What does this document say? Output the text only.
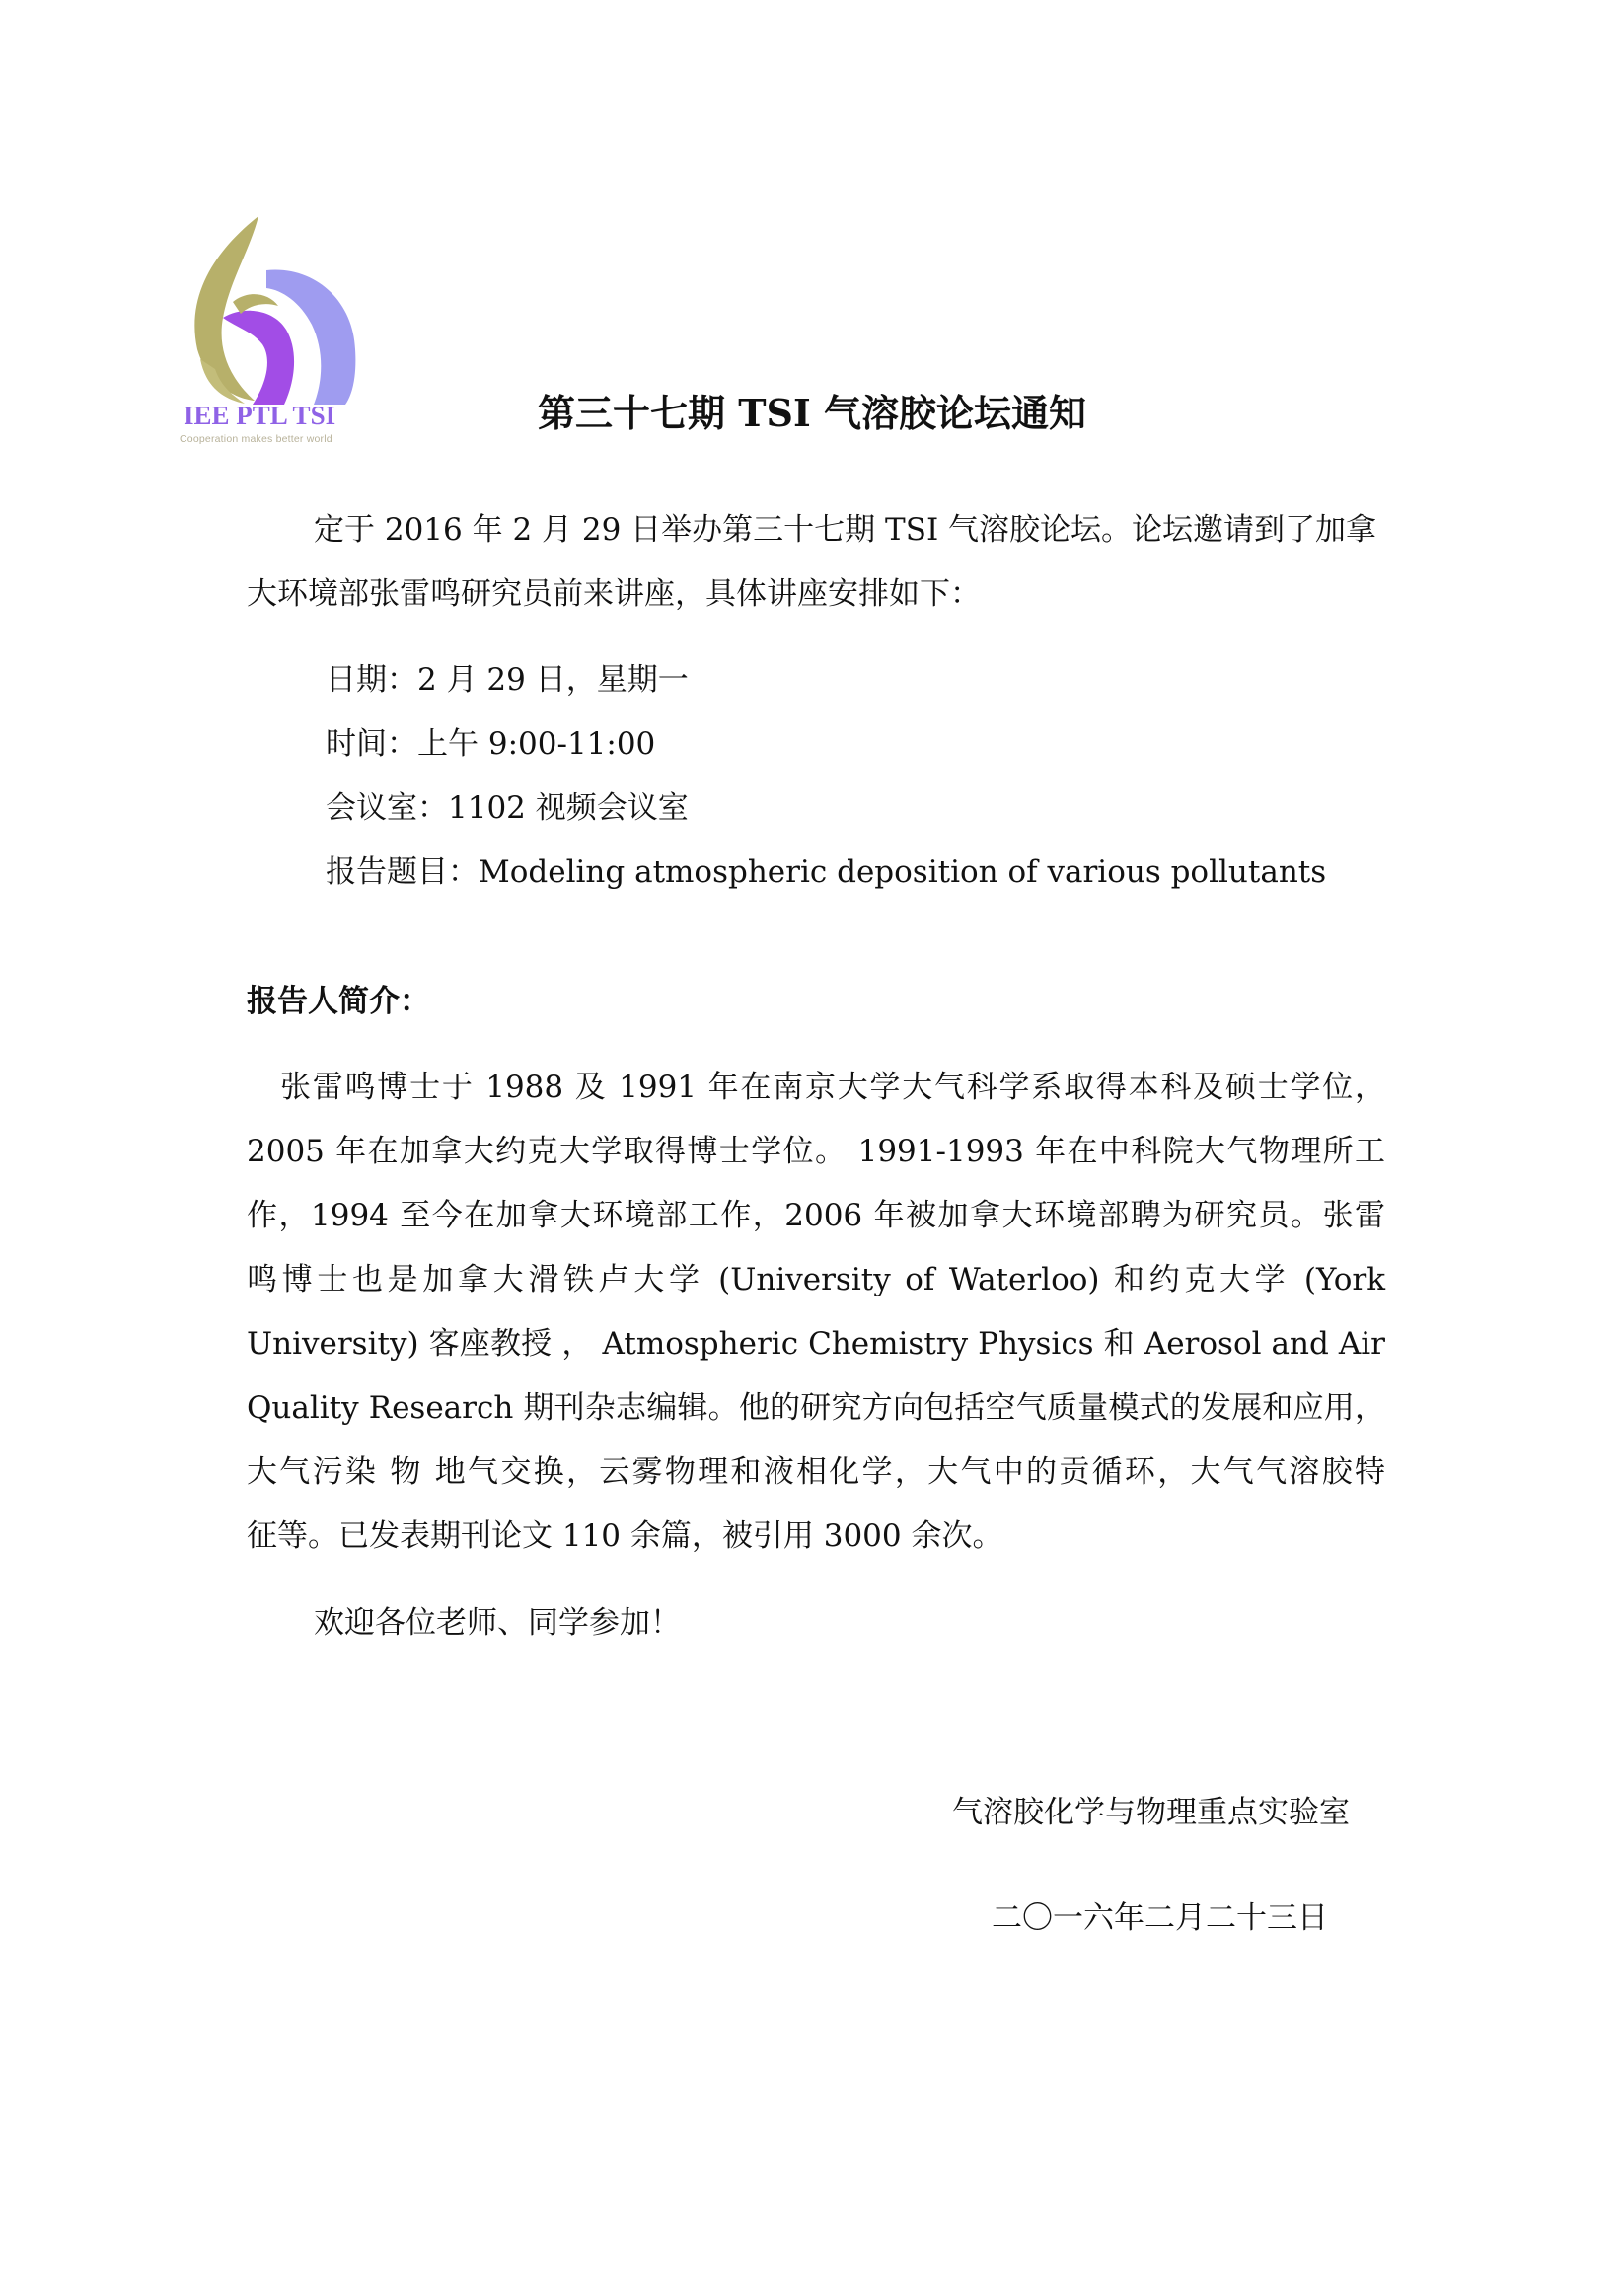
IEE PTL TSI
Cooperation makes better world
第三十七期 TSI 气溶胶论坛通知
定于 2016 年 2 月 29 日举办第三十七期 TSI 气溶胶论坛。论坛邀请到了加拿
大环境部张雷鸣研究员前来讲座，具体讲座安排如下：
日期：2 月 29 日，星期一
时间：上午 9:00-11:00
会议室：1102 视频会议室
报告题目：Modeling atmospheric deposition of various pollutants
报告人简介：
张雷鸣博士于 1988 及 1991 年在南京大学大气科学系取得本科及硕士学位，
2005 年在加拿大约克大学取得博士学位。 1991-1993 年在中科院大气物理所工
作，1994 至今在加拿大环境部工作，2006 年被加拿大环境部聘为研究员。张雷
鸣博士也是加拿大滑铁卢大学 (University of Waterloo) 和约克大学 (York
University) 客座教授 ， Atmospheric Chemistry Physics 和 Aerosol and Air
Quality Research 期刊杂志编辑。他的研究方向包括空气质量模式的发展和应用，
大气污染 物 地气交换，云雾物理和液相化学，大气中的贡循环，大气气溶胶特
征等。已发表期刊论文 110 余篇，被引用 3000 余次。
欢迎各位老师、同学参加！
气溶胶化学与物理重点实验室
二〇一六年二月二十三日
